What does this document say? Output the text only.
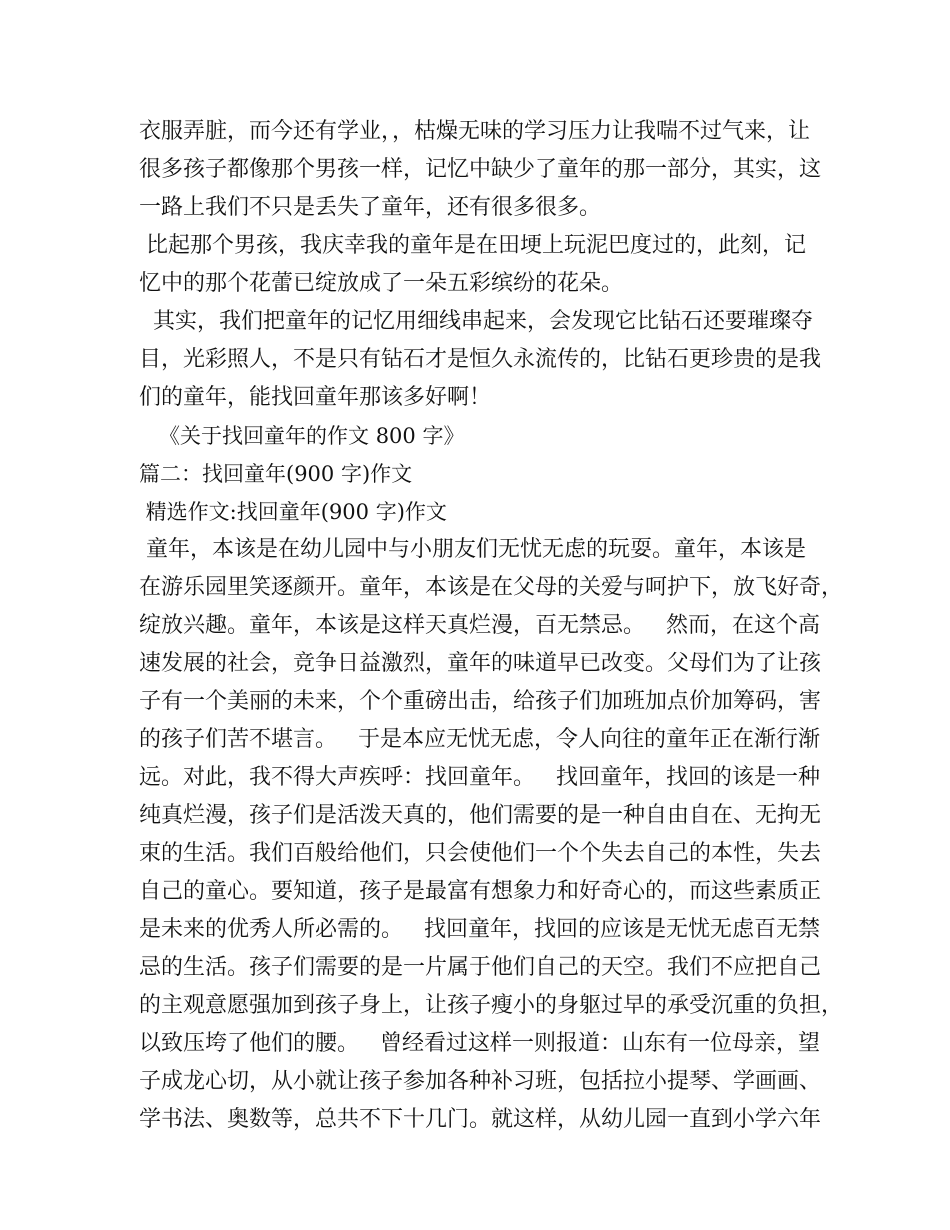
衣服弄脏，而今还有学业，，枯燥无味的学习压力让我喘不过气来，让
很多孩子都像那个男孩一样，记忆中缺少了童年的那一部分，其实，这
一路上我们不只是丢失了童年，还有很多很多。
比起那个男孩，我庆幸我的童年是在田埂上玩泥巴度过的，此刻，记
忆中的那个花蕾已绽放成了一朵五彩缤纷的花朵。
其实，我们把童年的记忆用细线串起来，会发现它比钻石还要璀璨夺
目，光彩照人，不是只有钻石才是恒久永流传的，比钻石更珍贵的是我
们的童年，能找回童年那该多好啊！
《关于找回童年的作文 800 字》
篇二：找回童年(900 字)作文
精选作文:找回童年(900 字)作文
童年，本该是在幼儿园中与小朋友们无忧无虑的玩耍。童年，本该是
在游乐园里笑逐颜开。童年，本该是在父母的关爱与呵护下，放飞好奇，
绽放兴趣。童年，本该是这样天真烂漫，百无禁忌。   然而，在这个高
速发展的社会，竞争日益激烈，童年的味道早已改变。父母们为了让孩
子有一个美丽的未来，个个重磅出击，给孩子们加班加点价加筹码，害
的孩子们苦不堪言。   于是本应无忧无虑，令人向往的童年正在渐行渐
远。对此，我不得大声疾呼：找回童年。   找回童年，找回的该是一种
纯真烂漫，孩子们是活泼天真的，他们需要的是一种自由自在、无拘无
束的生活。我们百般给他们，只会使他们一个个失去自己的本性，失去
自己的童心。要知道，孩子是最富有想象力和好奇心的，而这些素质正
是未来的优秀人所必需的。   找回童年，找回的应该是无忧无虑百无禁
忌的生活。孩子们需要的是一片属于他们自己的天空。我们不应把自己
的主观意愿强加到孩子身上，让孩子瘦小的身躯过早的承受沉重的负担，
以致压垮了他们的腰。   曾经看过这样一则报道：山东有一位母亲，望
子成龙心切，从小就让孩子参加各种补习班，包括拉小提琴、学画画、
学书法、奥数等，总共不下十几门。就这样，从幼儿园一直到小学六年
